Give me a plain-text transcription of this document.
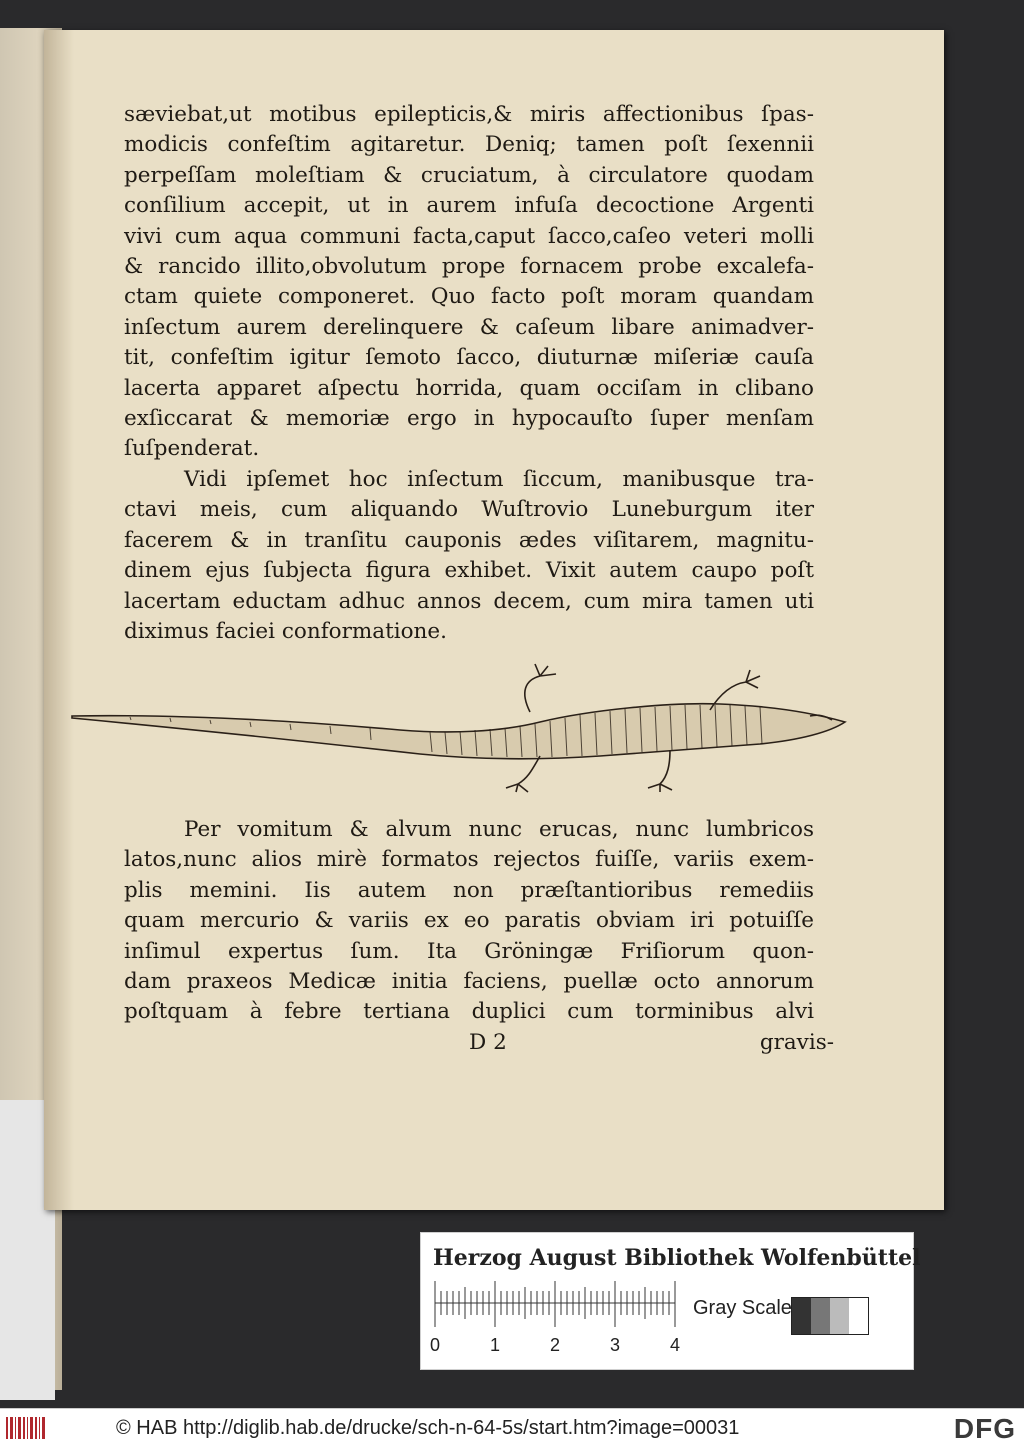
sæviebat,ut motibus epilepticis,& miris affectionibus ſpas-
modicis confeſtim agitaretur. Deniq; tamen poſt ſexennii
perpeſſam moleſtiam & cruciatum, à circulatore quodam
conſilium accepit, ut in aurem infuſa decoctione Argenti
vivi cum aqua communi facta,caput ſacco,caſeo veteri molli
& rancido illito,obvolutum prope fornacem probe excalefa-
ctam quiete componeret. Quo facto poſt moram quandam
inſectum aurem derelinquere & caſeum libare animadver-
tit, confeſtim igitur ſemoto ſacco, diuturnæ miſeriæ cauſa
lacerta apparet aſpectu horrida, quam occiſam in clibano
exſiccarat & memoriæ ergo in hypocauſto ſuper menſam
ſuſpenderat.

Vidi ipſemet hoc inſectum ſiccum, manibusque tra-
ctavi meis, cum aliquando Wuſtrovio Luneburgum iter
facerem & in tranſitu cauponis ædes viſitarem, magnitu-
dinem ejus ſubjecta figura exhibet. Vixit autem caupo poſt
lacertam eductam adhuc annos decem, cum mira tamen uti
diximus faciei conformatione.

Per vomitum & alvum nunc erucas, nunc lumbricos
latos,nunc alios mirè formatos rejectos fuiſſe, variis exem-
plis memini. Iis autem non præſtantioribus remediis
quam mercurio & variis ex eo paratis obviam iri potuiſſe
inſimul expertus ſum. Ita Gröningæ Friſiorum quon-
dam praxeos Medicæ initia faciens, puellæ octo annorum
poſtquam à febre tertiana duplici cum torminibus alvi

D 2	gravis-
Herzog August Bibliothek Wolfenbüttel
0	1	2	3	4
Gray Scale
© HAB http://diglib.hab.de/drucke/sch-n-64-5s/start.htm?image=00031	DFG
